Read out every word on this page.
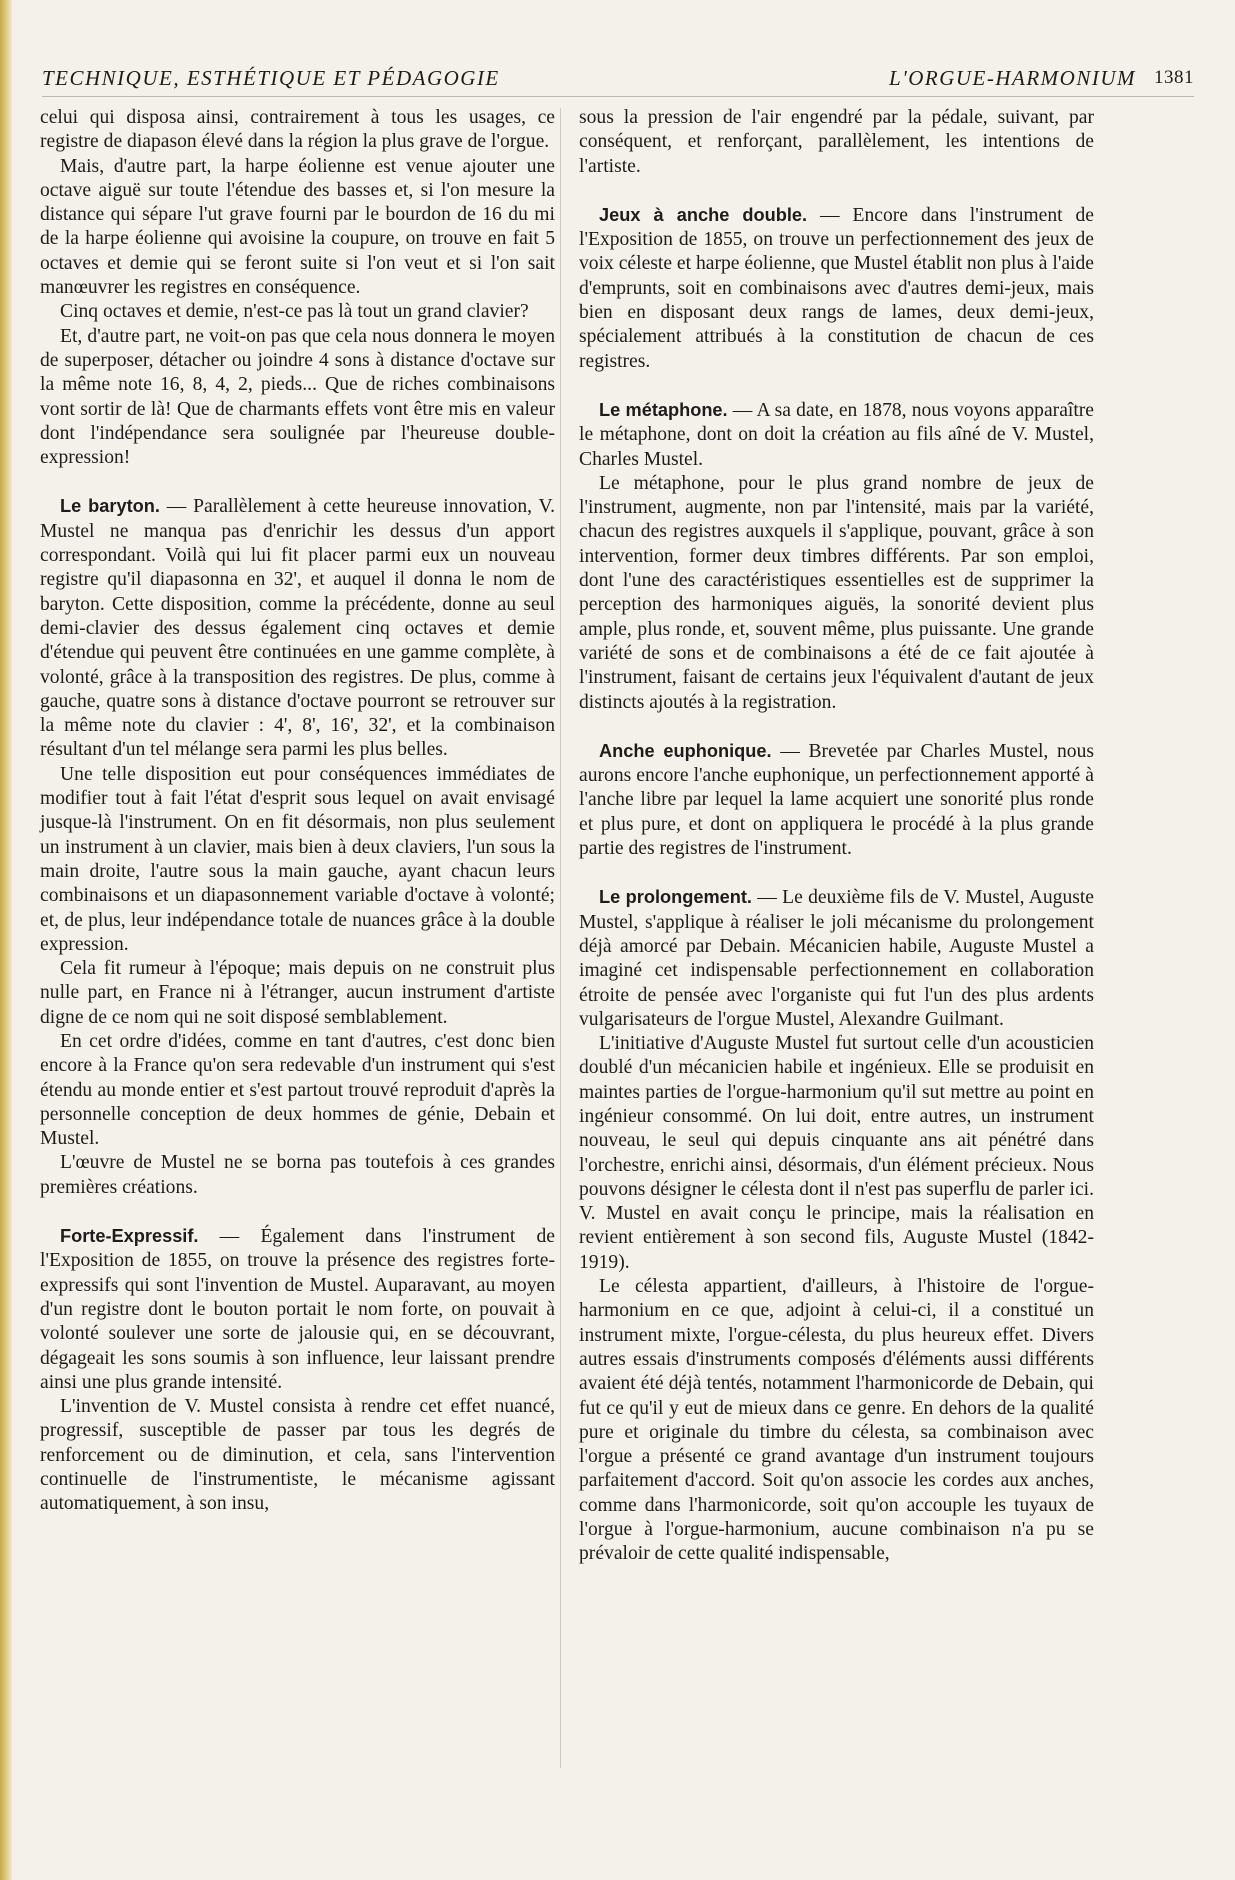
TECHNIQUE, ESTHÉTIQUE ET PÉDAGOGIE	L'ORGUE-HARMONIUM 1381

celui qui disposa ainsi, contrairement à tous les usages, ce registre de diapason élevé dans la région la plus grave de l'orgue.

Mais, d'autre part, la harpe éolienne est venue ajouter une octave aiguë sur toute l'étendue des basses et, si l'on mesure la distance qui sépare l'ut grave fourni par le bourdon de 16 du mi de la harpe éolienne qui avoisine la coupure, on trouve en fait 5 octaves et demie qui se feront suite si l'on veut et si l'on sait manœuvrer les registres en conséquence.

Cinq octaves et demie, n'est-ce pas là tout un grand clavier?

Et, d'autre part, ne voit-on pas que cela nous donnera le moyen de superposer, détacher ou joindre 4 sons à distance d'octave sur la même note 16, 8, 4, 2, pieds... Que de riches combinaisons vont sortir de là! Que de charmants effets vont être mis en valeur dont l'indépendance sera soulignée par l'heureuse double-expression!

Le baryton. — Parallèlement à cette heureuse innovation, V. Mustel ne manqua pas d'enrichir les dessus d'un apport correspondant. Voilà qui lui fit placer parmi eux un nouveau registre qu'il diapasonna en 32', et auquel il donna le nom de baryton. Cette disposition, comme la précédente, donne au seul demi-clavier des dessus également cinq octaves et demie d'étendue qui peuvent être continuées en une gamme complète, à volonté, grâce à la transposition des registres. De plus, comme à gauche, quatre sons à distance d'octave pourront se retrouver sur la même note du clavier : 4', 8', 16', 32', et la combinaison résultant d'un tel mélange sera parmi les plus belles.

Une telle disposition eut pour conséquences immédiates de modifier tout à fait l'état d'esprit sous lequel on avait envisagé jusque-là l'instrument. On en fit désormais, non plus seulement un instrument à un clavier, mais bien à deux claviers, l'un sous la main droite, l'autre sous la main gauche, ayant chacun leurs combinaisons et un diapasonnement variable d'octave à volonté; et, de plus, leur indépendance totale de nuances grâce à la double expression.

Cela fit rumeur à l'époque; mais depuis on ne construit plus nulle part, en France ni à l'étranger, aucun instrument d'artiste digne de ce nom qui ne soit disposé semblablement.

En cet ordre d'idées, comme en tant d'autres, c'est donc bien encore à la France qu'on sera redevable d'un instrument qui s'est étendu au monde entier et s'est partout trouvé reproduit d'après la personnelle conception de deux hommes de génie, Debain et Mustel.

L'œuvre de Mustel ne se borna pas toutefois à ces grandes premières créations.

Forte-Expressif. — Également dans l'instrument de l'Exposition de 1855, on trouve la présence des registres forte-expressifs qui sont l'invention de Mustel. Auparavant, au moyen d'un registre dont le bouton portait le nom forte, on pouvait à volonté soulever une sorte de jalousie qui, en se découvrant, dégageait les sons soumis à son influence, leur laissant prendre ainsi une plus grande intensité.

L'invention de V. Mustel consista à rendre cet effet nuancé, progressif, susceptible de passer par tous les degrés de renforcement ou de diminution, et cela, sans l'intervention continuelle de l'instrumentiste, le mécanisme agissant automatiquement, à son insu,

sous la pression de l'air engendré par la pédale, suivant, par conséquent, et renforçant, parallèlement, les intentions de l'artiste.

Jeux à anche double. — Encore dans l'instrument de l'Exposition de 1855, on trouve un perfectionnement des jeux de voix céleste et harpe éolienne, que Mustel établit non plus à l'aide d'emprunts, soit en combinaisons avec d'autres demi-jeux, mais bien en disposant deux rangs de lames, deux demi-jeux, spécialement attribués à la constitution de chacun de ces registres.

Le métaphone. — A sa date, en 1878, nous voyons apparaître le métaphone, dont on doit la création au fils aîné de V. Mustel, Charles Mustel.

Le métaphone, pour le plus grand nombre de jeux de l'instrument, augmente, non par l'intensité, mais par la variété, chacun des registres auxquels il s'applique, pouvant, grâce à son intervention, former deux timbres différents. Par son emploi, dont l'une des caractéristiques essentielles est de supprimer la perception des harmoniques aiguës, la sonorité devient plus ample, plus ronde, et, souvent même, plus puissante. Une grande variété de sons et de combinaisons a été de ce fait ajoutée à l'instrument, faisant de certains jeux l'équivalent d'autant de jeux distincts ajoutés à la registration.

Anche euphonique. — Brevetée par Charles Mustel, nous aurons encore l'anche euphonique, un perfectionnement apporté à l'anche libre par lequel la lame acquiert une sonorité plus ronde et plus pure, et dont on appliquera le procédé à la plus grande partie des registres de l'instrument.

Le prolongement. — Le deuxième fils de V. Mustel, Auguste Mustel, s'applique à réaliser le joli mécanisme du prolongement déjà amorcé par Debain. Mécanicien habile, Auguste Mustel a imaginé cet indispensable perfectionnement en collaboration étroite de pensée avec l'organiste qui fut l'un des plus ardents vulgarisateurs de l'orgue Mustel, Alexandre Guilmant.

L'initiative d'Auguste Mustel fut surtout celle d'un acousticien doublé d'un mécanicien habile et ingénieux. Elle se produisit en maintes parties de l'orgue-harmonium qu'il sut mettre au point en ingénieur consommé. On lui doit, entre autres, un instrument nouveau, le seul qui depuis cinquante ans ait pénétré dans l'orchestre, enrichi ainsi, désormais, d'un élément précieux. Nous pouvons désigner le célesta dont il n'est pas superflu de parler ici. V. Mustel en avait conçu le principe, mais la réalisation en revient entièrement à son second fils, Auguste Mustel (1842-1919).

Le célesta appartient, d'ailleurs, à l'histoire de l'orgue-harmonium en ce que, adjoint à celui-ci, il a constitué un instrument mixte, l'orgue-célesta, du plus heureux effet. Divers autres essais d'instruments composés d'éléments aussi différents avaient été déjà tentés, notamment l'harmonicorde de Debain, qui fut ce qu'il y eut de mieux dans ce genre. En dehors de la qualité pure et originale du timbre du célesta, sa combinaison avec l'orgue a présenté ce grand avantage d'un instrument toujours parfaitement d'accord. Soit qu'on associe les cordes aux anches, comme dans l'harmonicorde, soit qu'on accouple les tuyaux de l'orgue à l'orgue-harmonium, aucune combinaison n'a pu se prévaloir de cette qualité indispensable,
